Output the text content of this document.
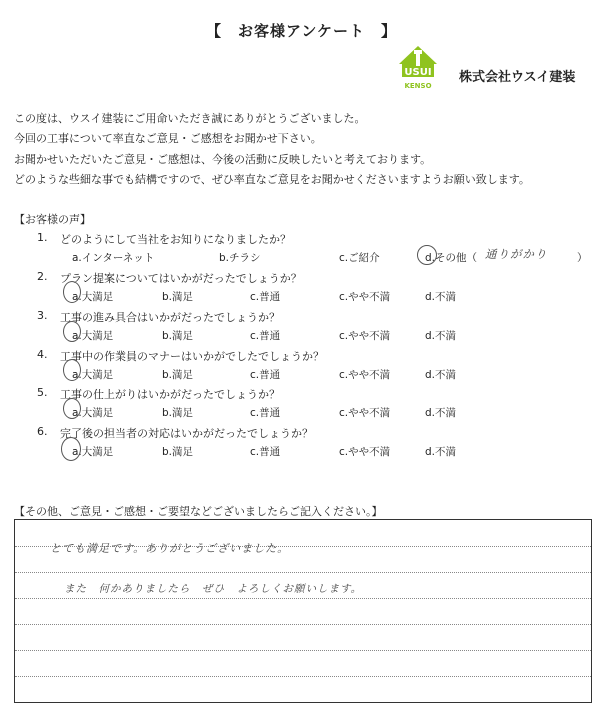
【　お客様アンケート　】
USUI
KENSO
株式会社ウスイ建装
この度は、ウスイ建装にご用命いただき誠にありがとうございました。
今回の工事について率直なご意見・ご感想をお聞かせ下さい。
お聞かせいただいたご意見・ご感想は、今後の活動に反映したいと考えております。
どのような些細な事でも結構ですので、ぜひ率直なご意見をお聞かせくださいますようお願い致します。
【お客様の声】
1. どのようにして当社をお知りになりましたか？
a.インターネット	b.チラシ	c.ご紹介	d.その他（ 通りがかり	）
2. プラン提案についてはいかがだったでしょうか？
a.大満足	b.満足	c.普通	c.やや不満	d.不満
3. 工事の進み具合はいかがだったでしょうか？
a.大満足	b.満足	c.普通	c.やや不満	d.不満
4. 工事中の作業員のマナーはいかがでしたでしょうか？
a.大満足	b.満足	c.普通	c.やや不満	d.不満
5. 工事の仕上がりはいかがだったでしょうか？
a.大満足	b.満足	c.普通	c.やや不満	d.不満
6. 完了後の担当者の対応はいかがだったでしょうか？
a.大満足	b.満足	c.普通	c.やや不満	d.不満
【その他、ご意見・ご感想・ご要望などございましたらご記入ください。】
とても満足です。ありがとうございました。
また　何かありましたら　ぜひ　よろしくお願いします。
